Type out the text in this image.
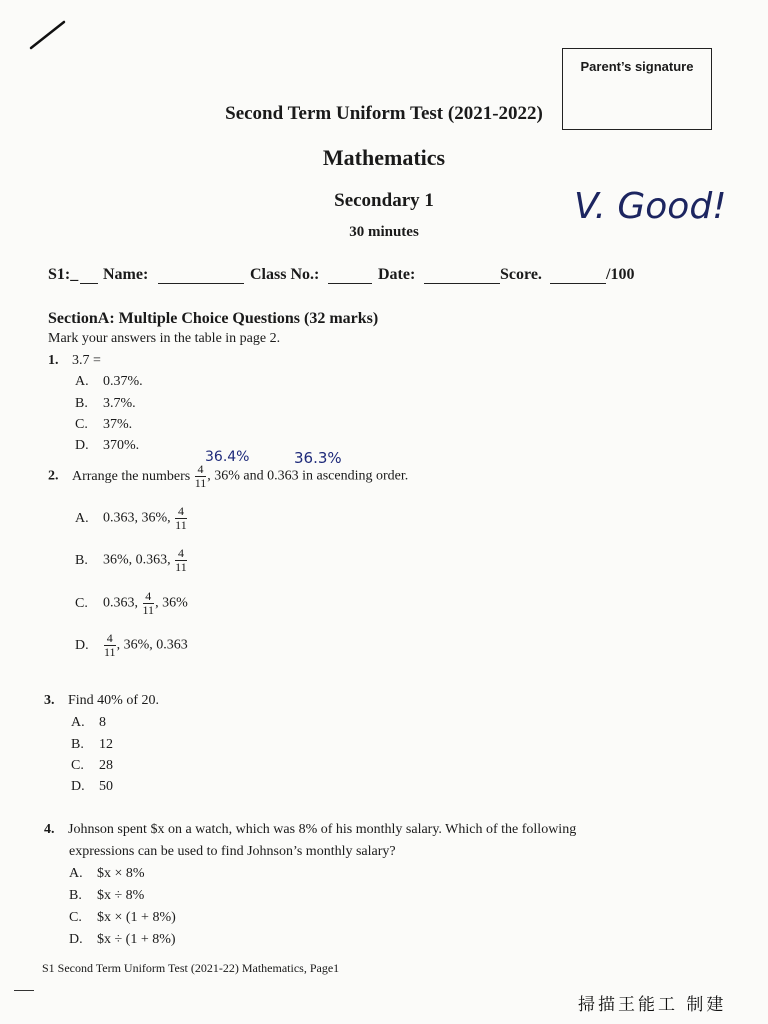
Parent’s signature
Second Term Uniform Test (2021-2022)
Mathematics
Secondary 1
30 minutes
V. Good!
S1:_ Name:	Class No.:	Date:	Score.	/100
SectionA: Multiple Choice Questions (32 marks)
Mark your answers in the table in page 2.
1. 3.7 =
A. 0.37%.
B. 3.7%.
C. 37%.
D. 370%.
36.4%	36.3%
2. Arrange the numbers $\frac{4}{11}$ , 36% and 0.363 in ascending order.
A. 0.363, 36%, $\frac{4}{11}$
B. 36%, 0.363, $\frac{4}{11}$
C. 0.363, $\frac{4}{11}$ , 36%
D. $\frac{4}{11}$ , 36%, 0.363
3. Find 40% of 20.
A. 8
B. 12
C. 28
D. 50
4. Johnson spent $x on a watch, which was 8% of his monthly salary. Which of the following
expressions can be used to find Johnson’s monthly salary?
A. $x × 8%
B. $x ÷ 8%
C. $x × (1 + 8%)
D. $x ÷ (1 + 8%)
S1 Second Term Uniform Test (2021-22) Mathematics, Page1
掃描王能工 制建
